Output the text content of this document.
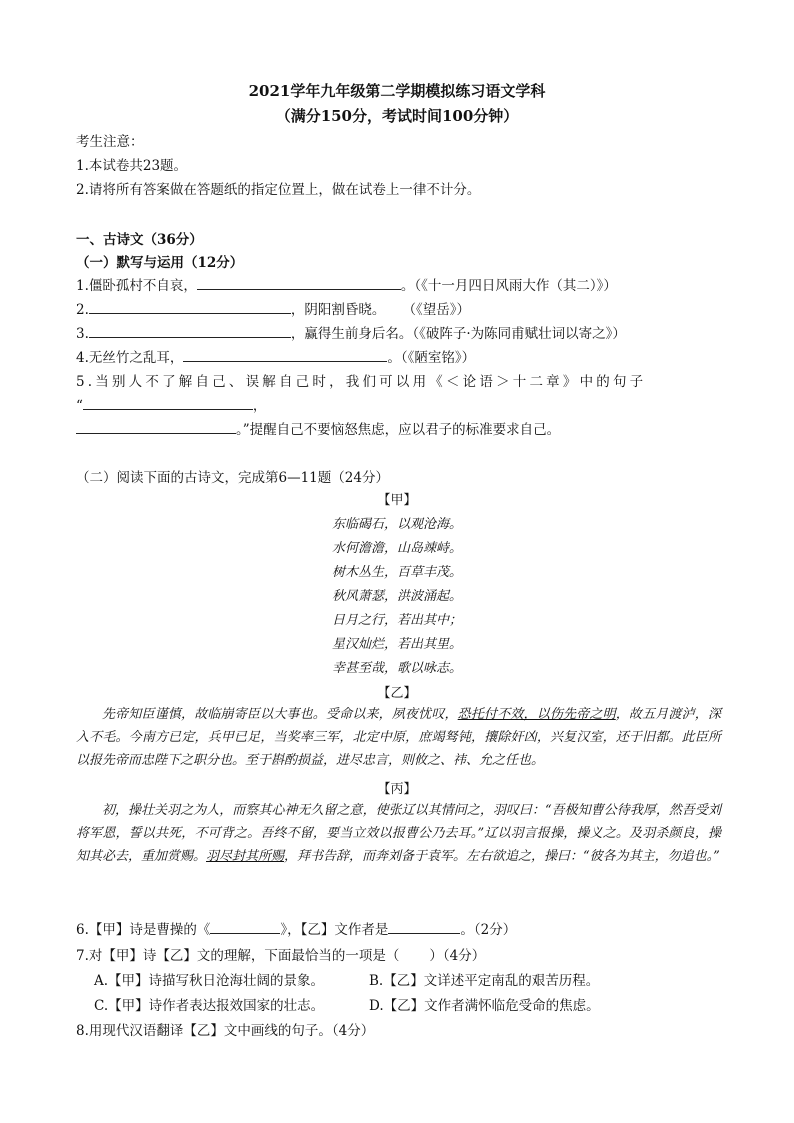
2021学年九年级第二学期模拟练习语文学科
（满分150分，考试时间100分钟）
考生注意：
1.本试卷共23题。
2.请将所有答案做在答题纸的指定位置上，做在试卷上一律不计分。
一、古诗文（36分）
（一）默写与运用（12分）
1.僵卧孤村不自哀，	。（《十一月四日风雨大作（其二）》）
2.	，阴阳割昏晓。    （《望岳》）
3.	，赢得生前身后名。（《破阵子·为陈同甫赋壮词以寄之》）
4.无丝竹之乱耳，	。（《陋室铭》）
5.当别人不了解自己、误解自己时，我们可以用《＜论语＞十二章》中的句子
“	，
。”提醒自己不要恼怒焦虑，应以君子的标准要求自己。
（二）阅读下面的古诗文，完成第6—11题（24分）
【甲】
东临碣石，以观沧海。
水何澹澹，山岛竦峙。
树木丛生，百草丰茂。
秋风萧瑟，洪波涌起。
日月之行，若出其中；
星汉灿烂，若出其里。
幸甚至哉，歌以咏志。
【乙】

先帝知臣谨慎，故临崩寄臣以大事也。受命以来，夙夜忧叹，恐托付不效，以伤先帝之明，故五月渡泸，深入不毛。今南方已定，兵甲已足，当奖率三军，北定中原，庶竭驽钝，攘除奸凶，兴复汉室，还于旧都。此臣所以报先帝而忠陛下之职分也。至于斟酌损益，进尽忠言，则攸之、祎、允之任也。

【丙】

初，操壮关羽之为人，而察其心神无久留之意，使张辽以其情问之，羽叹曰：“吾极知曹公待我厚，然吾受刘将军恩，誓以共死，不可背之。吾终不留，要当立效以报曹公乃去耳。”辽以羽言报操，操义之。及羽杀颜良，操知其必去，重加赏赐。羽尽封其所赐，拜书告辞，而奔刘备于袁军。左右欲追之，操曰：“彼各为其主，勿追也。”

6.【甲】诗是曹操的《	》，【乙】文作者是	。（2分）
7.对【甲】诗【乙】文的理解，下面最恰当的一项是（       ）（4分）
A.【甲】诗描写秋日沧海壮阔的景象。	B.【乙】文详述平定南乱的艰苦历程。
C.【甲】诗作者表达报效国家的壮志。	D.【乙】文作者满怀临危受命的焦虑。
8.用现代汉语翻译【乙】文中画线的句子。（4分）
